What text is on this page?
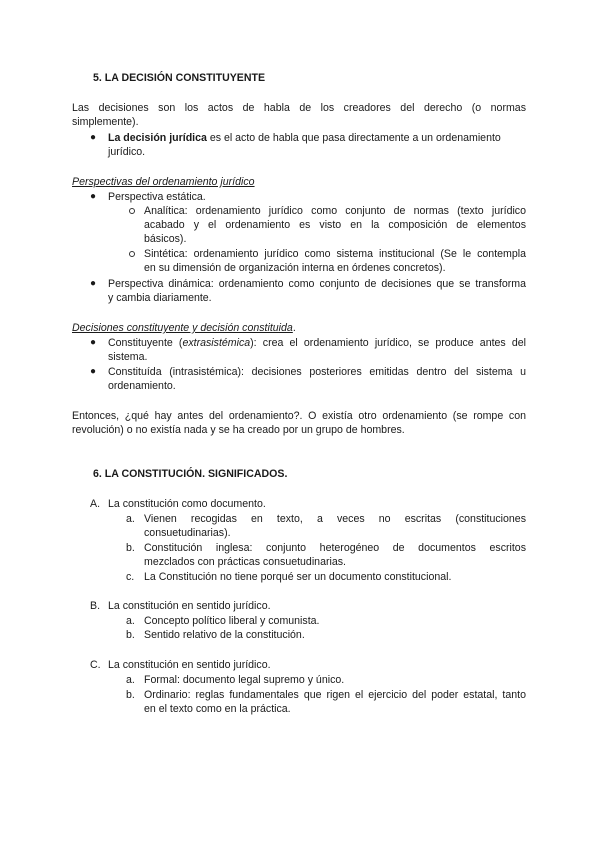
5. LA DECISIÓN CONSTITUYENTE
Las decisiones son los actos de habla de los creadores del derecho (o normas
simplemente).
● La decisión jurídica es el acto de habla que pasa directamente a un ordenamiento
jurídico.
Perspectivas del ordenamiento jurídico
● Perspectiva estática.
Analítica: ordenamiento jurídico como conjunto de normas (texto jurídico
acabado y el ordenamiento es visto en la composición de elementos
básicos).
Sintética: ordenamiento jurídico como sistema institucional (Se le contempla
en su dimensión de organización interna en órdenes concretos).
● Perspectiva dinámica: ordenamiento como conjunto de decisiones que se transforma
y cambia diariamente.
Decisiones constituyente y decisión constituida.
● Constituyente (extrasistémica): crea el ordenamiento jurídico, se produce antes del
sistema.
● Constituída (intrasistémica): decisiones posteriores emitidas dentro del sistema u
ordenamiento.
Entonces, ¿qué hay antes del ordenamiento?. O existía otro ordenamiento (se rompe con
revolución) o no existía nada y se ha creado por un grupo de hombres.
6. LA CONSTITUCIÓN. SIGNIFICADOS.
A. La constitución como documento.
a. Vienen recogidas en texto, a veces no escritas (constituciones
consuetudinarias).
b. Constitución inglesa: conjunto heterogéneo de documentos escritos
mezclados con prácticas consuetudinarias.
c. La Constitución no tiene porqué ser un documento constitucional.
B. La constitución en sentido jurídico.
a. Concepto político liberal y comunista.
b. Sentido relativo de la constitución.
C. La constitución en sentido jurídico.
a. Formal: documento legal supremo y único.
b. Ordinario: reglas fundamentales que rigen el ejercicio del poder estatal, tanto
en el texto como en la práctica.
